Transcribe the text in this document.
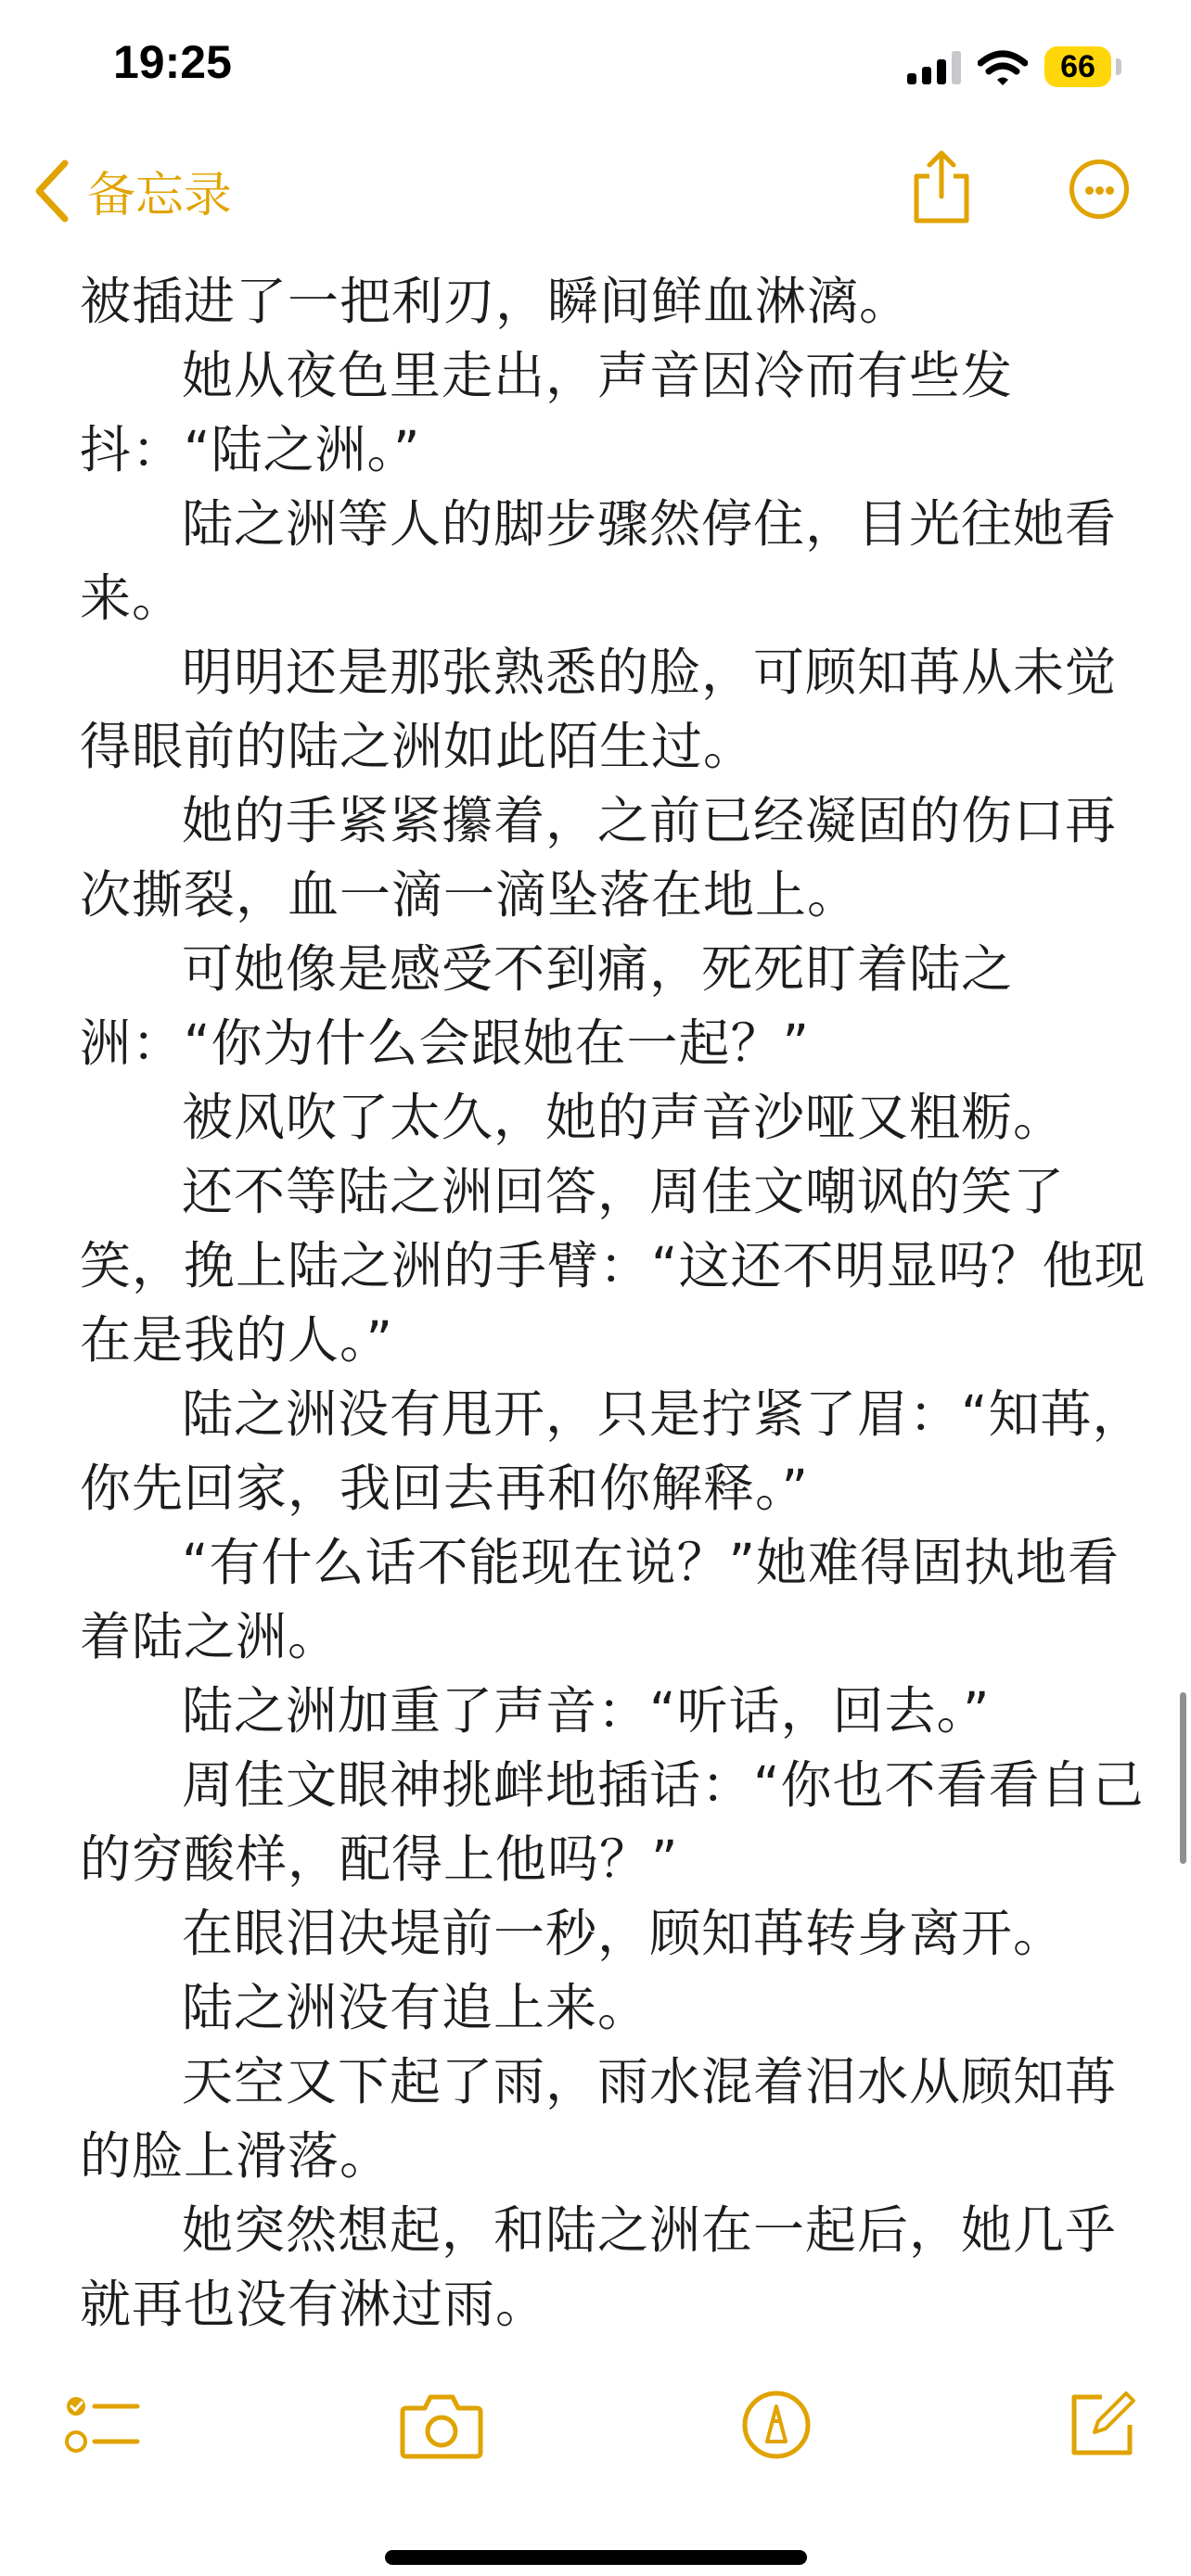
19:25	66
备忘录

被插进了一把利刃，瞬间鲜血淋漓。

她从夜色里走出，声音因冷而有些发抖：“陆之洲。”

陆之洲等人的脚步骤然停住，目光往她看来。

明明还是那张熟悉的脸，可顾知苒从未觉得眼前的陆之洲如此陌生过。

她的手紧紧攥着，之前已经凝固的伤口再次撕裂，血一滴一滴坠落在地上。

可她像是感受不到痛，死死盯着陆之洲：“你为什么会跟她在一起？”

被风吹了太久，她的声音沙哑又粗粝。

还不等陆之洲回答，周佳文嘲讽的笑了笑，挽上陆之洲的手臂：“这还不明显吗？他现在是我的人。”

陆之洲没有甩开，只是拧紧了眉：“知苒，你先回家，我回去再和你解释。”

“有什么话不能现在说？”她难得固执地看着陆之洲。

陆之洲加重了声音：“听话，回去。”

周佳文眼神挑衅地插话：“你也不看看自己的穷酸样，配得上他吗？”

在眼泪决堤前一秒，顾知苒转身离开。

陆之洲没有追上来。

天空又下起了雨，雨水混着泪水从顾知苒的脸上滑落。

她突然想起，和陆之洲在一起后，她几乎就再也没有淋过雨。
